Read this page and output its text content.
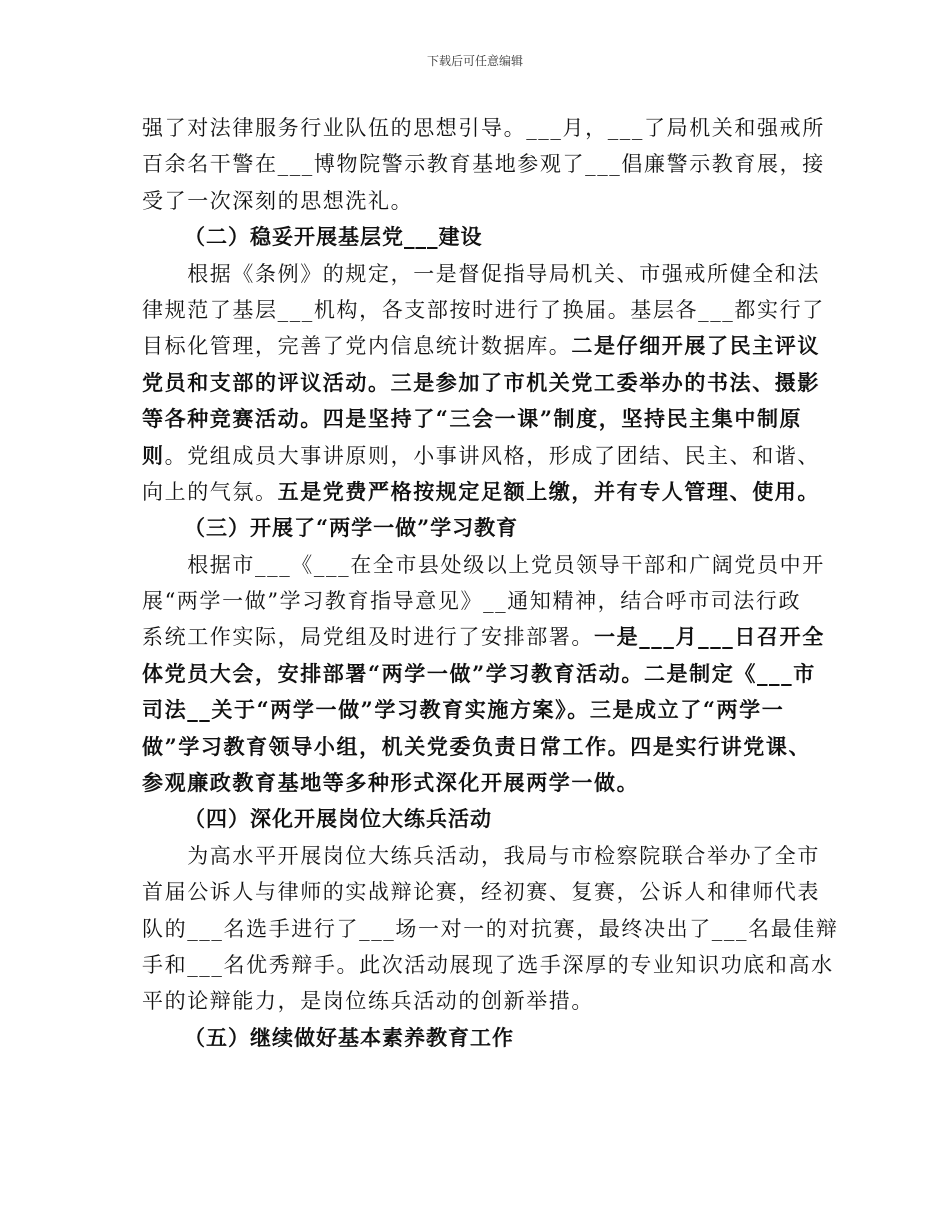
下载后可任意编辑
强了对法律服务行业队伍的思想引导。___月，___了局机关和强戒所
百余名干警在___博物院警示教育基地参观了___倡廉警示教育展，接
受了一次深刻的思想洗礼。
（二）稳妥开展基层党___建设
　　根据《条例》的规定，一是督促指导局机关、市强戒所健全和法
律规范了基层___机构，各支部按时进行了换届。基层各___都实行了
目标化管理，完善了党内信息统计数据库。二是仔细开展了民主评议
党员和支部的评议活动。三是参加了市机关党工委举办的书法、摄影
等各种竞赛活动。四是坚持了“三会一课”制度，坚持民主集中制原
则。党组成员大事讲原则，小事讲风格，形成了团结、民主、和谐、
向上的气氛。五是党费严格按规定足额上缴，并有专人管理、使用。
（三）开展了“两学一做”学习教育
　　根据市___《___在全市县处级以上党员领导干部和广阔党员中开
展“两学一做”学习教育指导意见》__通知精神，结合呼市司法行政
系统工作实际，局党组及时进行了安排部署。一是___月___日召开全
体党员大会，安排部署“两学一做”学习教育活动。二是制定《___市
司法__关于“两学一做”学习教育实施方案》。三是成立了“两学一
做”学习教育领导小组，机关党委负责日常工作。四是实行讲党课、
参观廉政教育基地等多种形式深化开展两学一做。
（四）深化开展岗位大练兵活动
　　为高水平开展岗位大练兵活动，我局与市检察院联合举办了全市
首届公诉人与律师的实战辩论赛，经初赛、复赛，公诉人和律师代表
队的___名选手进行了___场一对一的对抗赛，最终决出了___名最佳辩
手和___名优秀辩手。此次活动展现了选手深厚的专业知识功底和高水
平的论辩能力，是岗位练兵活动的创新举措。
（五）继续做好基本素养教育工作
